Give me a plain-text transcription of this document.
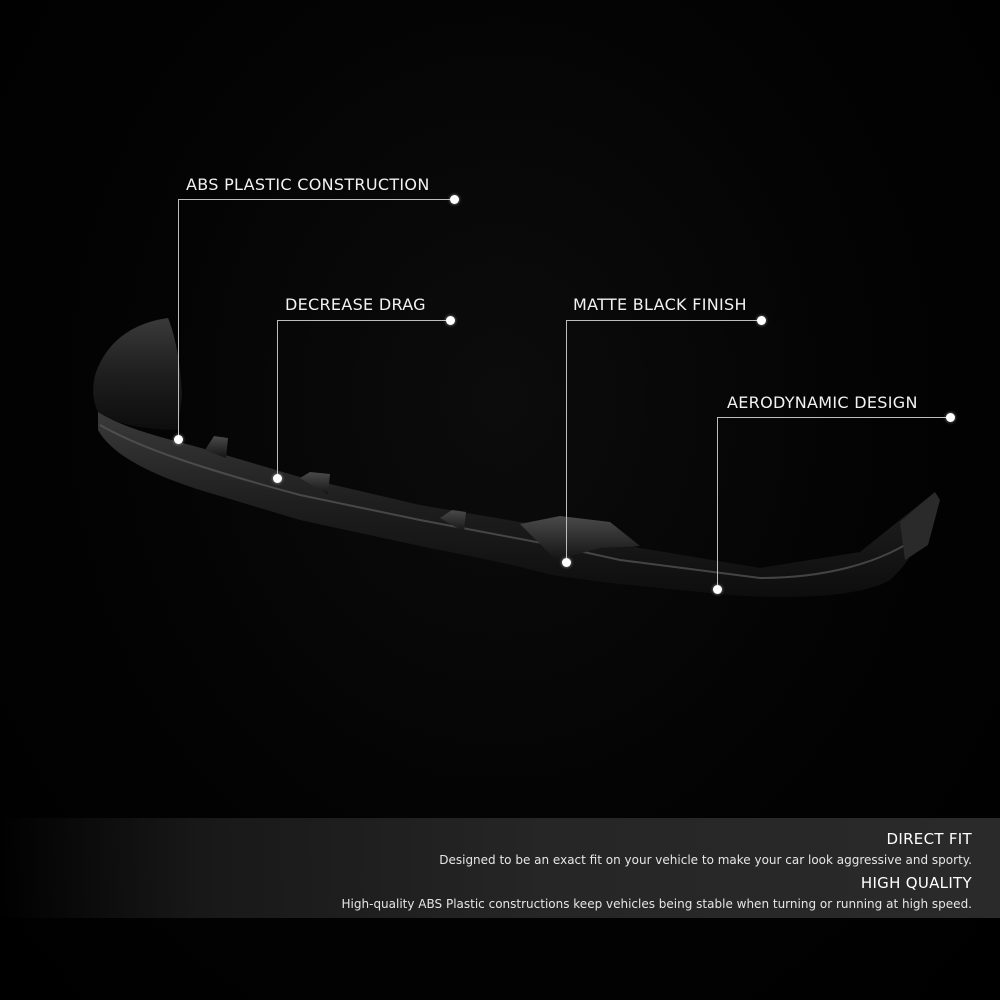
ABS PLASTIC CONSTRUCTION
DECREASE DRAG	MATTE BLACK FINISH
AERODYNAMIC DESIGN
DIRECT FIT
Designed to be an exact fit on your vehicle to make your car look aggressive and sporty.
HIGH QUALITY
High-quality ABS Plastic constructions keep vehicles being stable when turning or running at high speed.
